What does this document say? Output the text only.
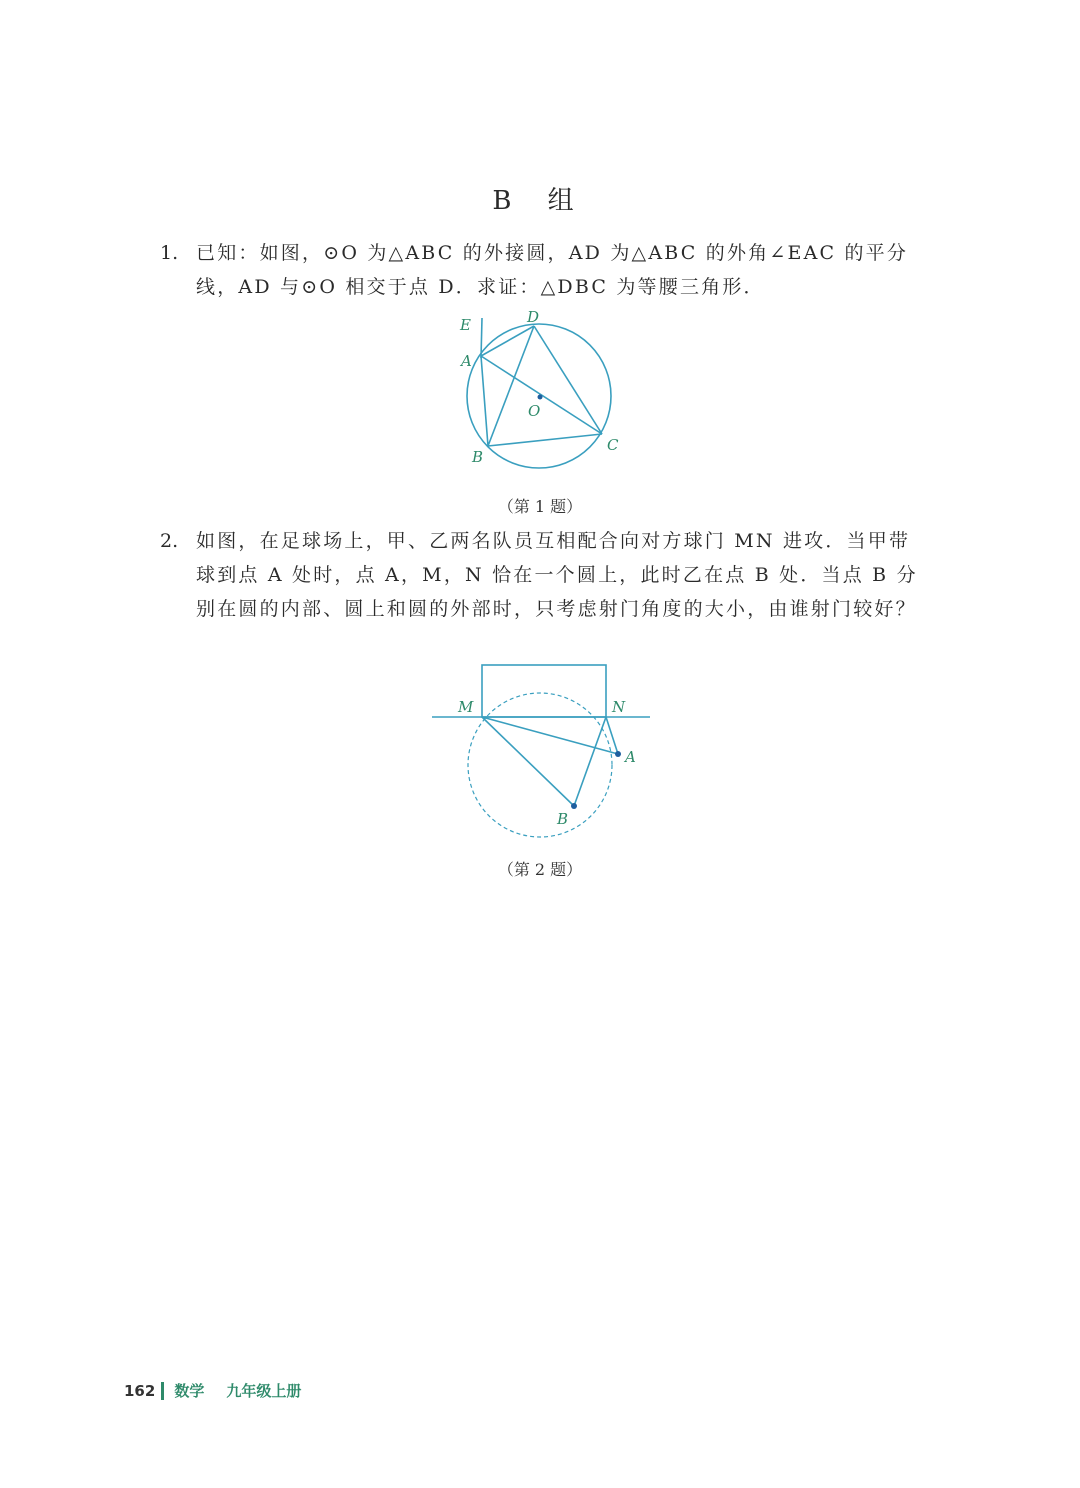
B 组
1. 已知：如图，⊙O 为△ABC 的外接圆，AD 为△ABC 的外角∠EAC 的平分线，AD 与⊙O 相交于点 D．求证：△DBC 为等腰三角形．
E	D
A
O
B
C
（第 1 题）
2. 如图，在足球场上，甲、乙两名队员互相配合向对方球门 MN 进攻．当甲带球到点 A 处时，点 A，M，N 恰在一个圆上，此时乙在点 B 处．当点 B 分别在圆的内部、圆上和圆的外部时，只考虑射门角度的大小，由谁射门较好？
M	N
A
B
（第 2 题）
162 数学 九年级上册
